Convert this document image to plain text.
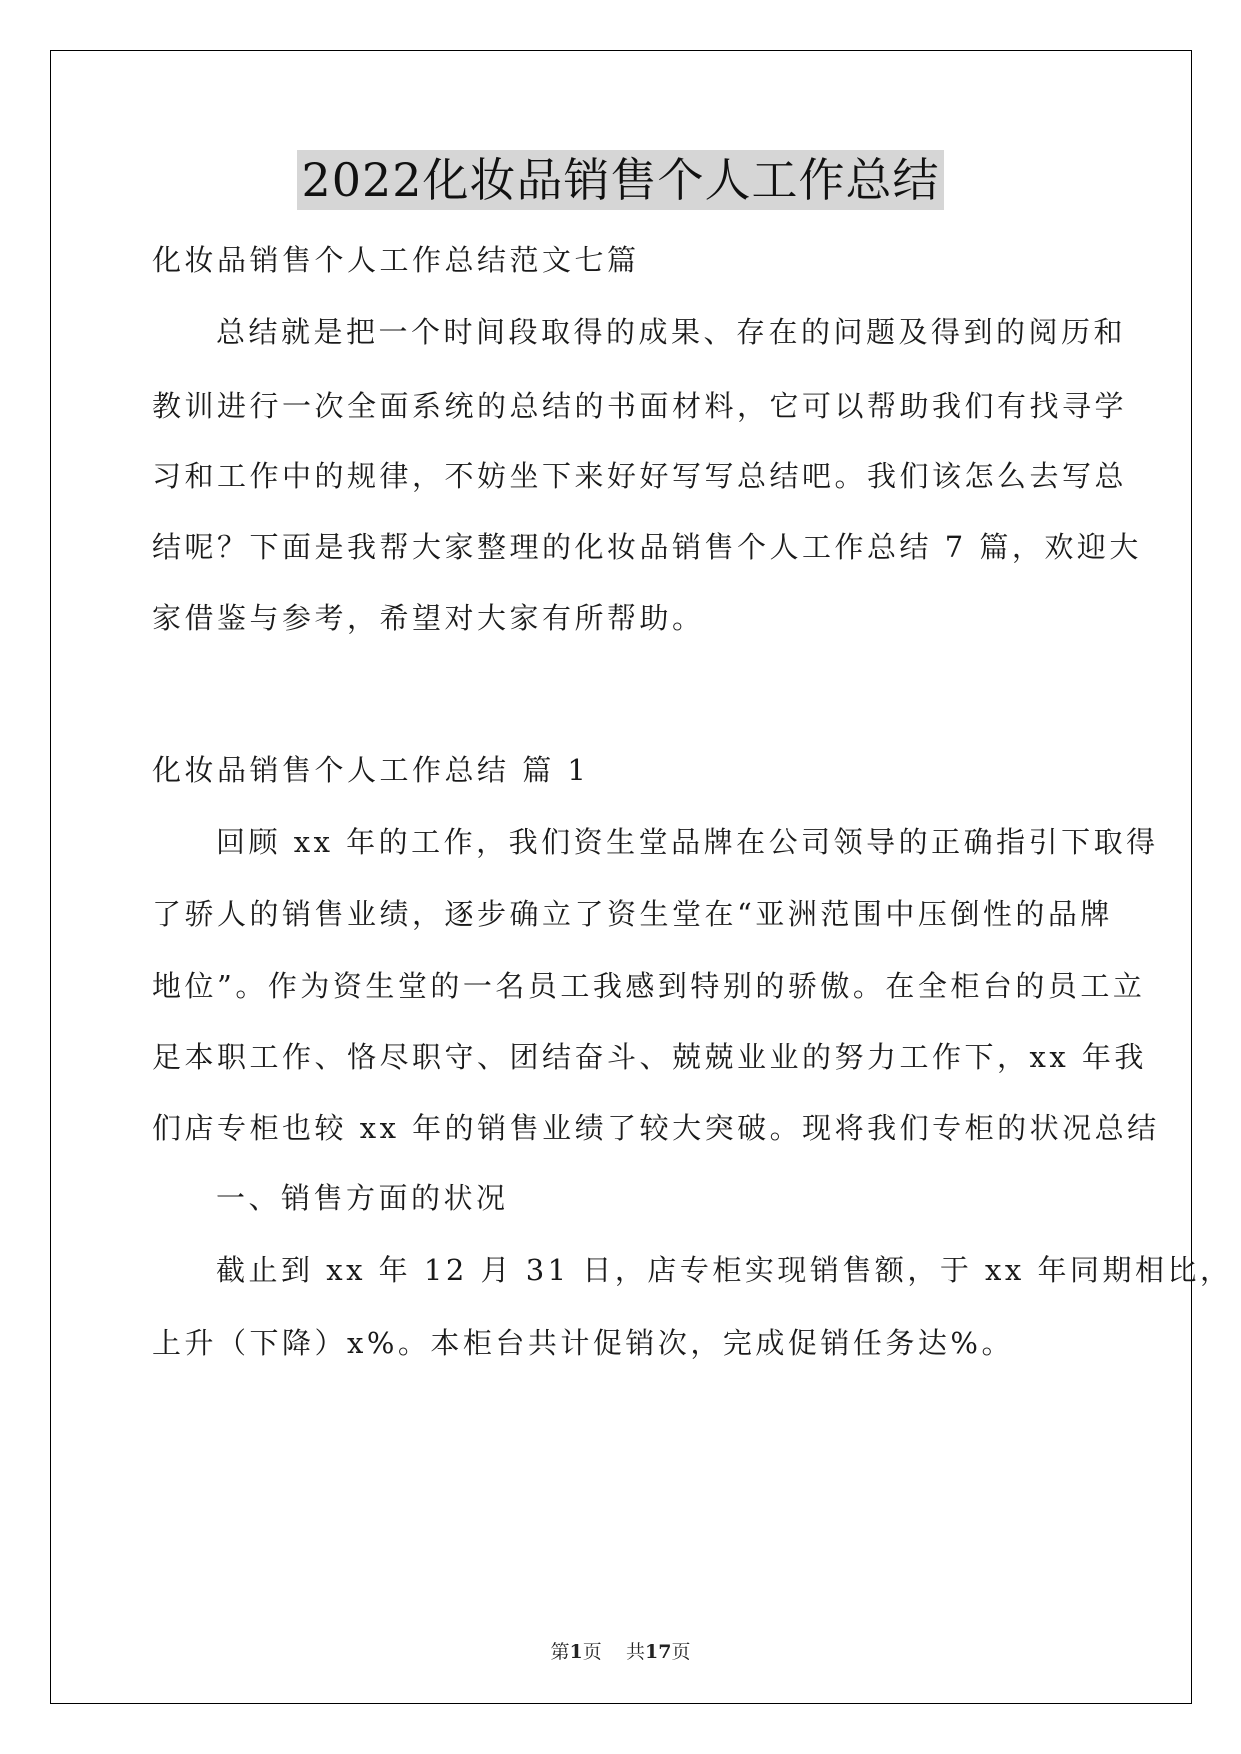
2022化妆品销售个人工作总结
化妆品销售个人工作总结范文七篇
总结就是把一个时间段取得的成果、存在的问题及得到的阅历和
教训进行一次全面系统的总结的书面材料，它可以帮助我们有找寻学
习和工作中的规律，不妨坐下来好好写写总结吧。我们该怎么去写总
结呢？下面是我帮大家整理的化妆品销售个人工作总结 7 篇，欢迎大
家借鉴与参考，希望对大家有所帮助。
化妆品销售个人工作总结 篇 1
回顾 xx 年的工作，我们资生堂品牌在公司领导的正确指引下取得
了骄人的销售业绩，逐步确立了资生堂在“亚洲范围中压倒性的品牌
地位”。作为资生堂的一名员工我感到特别的骄傲。在全柜台的员工立
足本职工作、恪尽职守、团结奋斗、兢兢业业的努力工作下，xx 年我
们店专柜也较 xx 年的销售业绩了较大突破。现将我们专柜的状况总结
一、销售方面的状况
截止到 xx 年 12 月 31 日，店专柜实现销售额，于 xx 年同期相比，
上升（下降）x%。本柜台共计促销次，完成促销任务达%。
第1页 共17页
